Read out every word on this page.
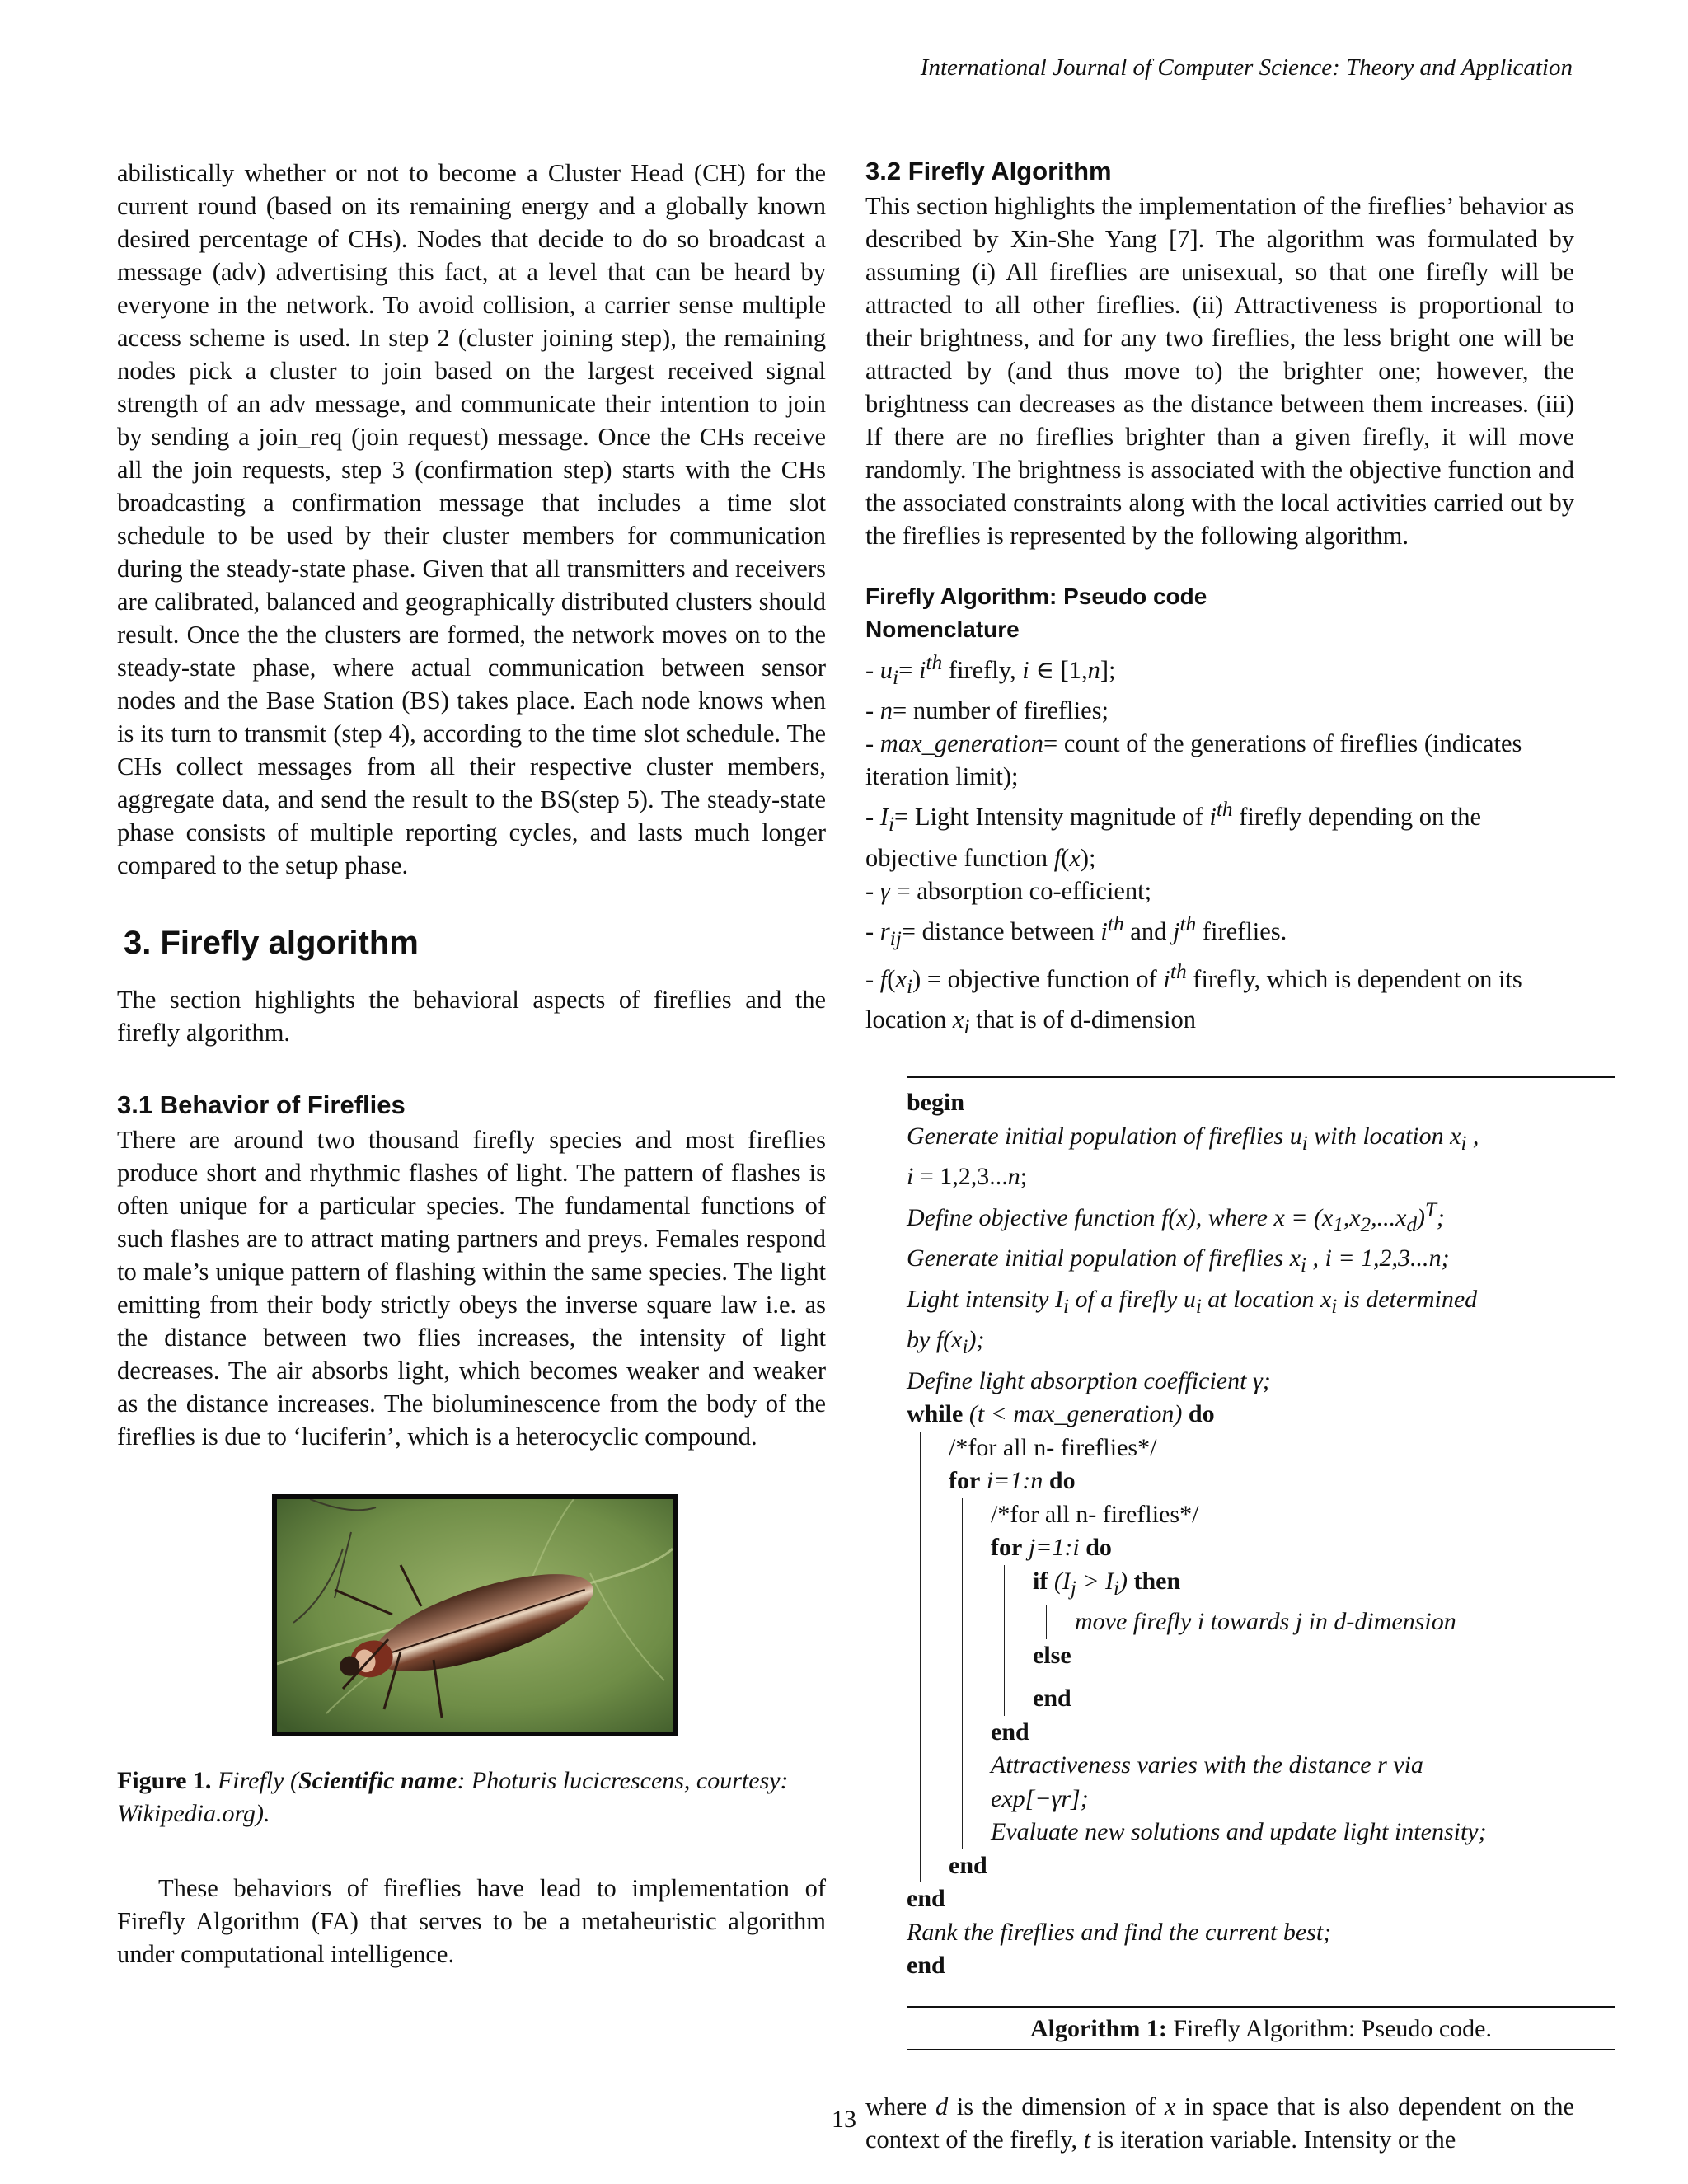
International Journal of Computer Science: Theory and Application

abilistically whether or not to become a Cluster Head (CH) for the current round (based on its remaining energy and a globally known desired percentage of CHs). Nodes that decide to do so broadcast a message (adv) advertising this fact, at a level that can be heard by everyone in the network. To avoid collision, a carrier sense multiple access scheme is used. In step 2 (cluster joining step), the remaining nodes pick a cluster to join based on the largest received signal strength of an adv message, and communicate their intention to join by sending a join_req (join request) message. Once the CHs receive all the join requests, step 3 (confirmation step) starts with the CHs broadcasting a confirmation message that includes a time slot schedule to be used by their cluster members for communication during the steady-state phase. Given that all transmitters and receivers are calibrated, balanced and geographically distributed clusters should result. Once the the clusters are formed, the network moves on to the steady-state phase, where actual communication between sensor nodes and the Base Station (BS) takes place. Each node knows when is its turn to transmit (step 4), according to the time slot schedule. The CHs collect messages from all their respective cluster members, aggregate data, and send the result to the BS(step 5). The steady-state phase consists of multiple reporting cycles, and lasts much longer compared to the setup phase.

3. Firefly algorithm

The section highlights the behavioral aspects of fireflies and the firefly algorithm.

3.1 Behavior of Fireflies

There are around two thousand firefly species and most fireflies produce short and rhythmic flashes of light. The pattern of flashes is often unique for a particular species. The fundamental functions of such flashes are to attract mating partners and preys. Females respond to male’s unique pattern of flashing within the same species. The light emitting from their body strictly obeys the inverse square law i.e. as the distance between two flies increases, the intensity of light decreases. The air absorbs light, which becomes weaker and weaker as the distance increases. The bioluminescence from the body of the fireflies is due to ‘luciferin’, which is a heterocyclic compound.

Figure 1. Firefly (Scientific name: Photuris lucicrescens, courtesy: Wikipedia.org).

These behaviors of fireflies have lead to implementation of Firefly Algorithm (FA) that serves to be a metaheuristic algorithm under computational intelligence.

3.2 Firefly Algorithm

This section highlights the implementation of the fireflies’ behavior as described by Xin-She Yang [7]. The algorithm was formulated by assuming (i) All fireflies are unisexual, so that one firefly will be attracted to all other fireflies. (ii) Attractiveness is proportional to their brightness, and for any two fireflies, the less bright one will be attracted by (and thus move to) the brighter one; however, the brightness can decreases as the distance between them increases. (iii) If there are no fireflies brighter than a given firefly, it will move randomly. The brightness is associated with the objective function and the associated constraints along with the local activities carried out by the fireflies is represented by the following algorithm.

Firefly Algorithm: Pseudo code
Nomenclature
- $u_i= i^{th}$ firefly, i ∈ [1,n];
- n= number of fireflies;
- max_generation= count of the generations of fireflies (indicates iteration limit);
- $I_i=$ Light Intensity magnitude of $i^{th}$ firefly depending on the objective function f(x);
- γ = absorption co-efficient;
- $r_{ij}=$ distance between $i^{th}$ and $j^{th}$ fireflies.
- $f(x_i)$ = objective function of $i^{th}$ firefly, which is dependent on its location $x_i$ that is of d-dimension
begin
Generate initial population of fireflies $u_i$ with location $x_i$ ,
i = 1,2,3...n;
Define objective function f(x), where $x = (x_1,x_2,...x_d)^T$;
Generate initial population of fireflies $x_i$ , i = 1,2,3...n;
Light intensity $I_i$ of a firefly $u_i$ at location $x_i$ is determined
by $f(x_i)$;
Define light absorption coefficient γ;
while (t < max_generation) do
/*for all n- fireflies*/
for i=1:n do
/*for all n- fireflies*/
for j=1:i do
if $(I_j > I_i)$ then
move firefly i towards j in d-dimension
else
end
end
Attractiveness varies with the distance r via
exp[−γr];
Evaluate new solutions and update light intensity;
end
end
Rank the fireflies and find the current best;
end
Algorithm 1: Firefly Algorithm: Pseudo code.

where d is the dimension of x in space that is also dependent on the context of the firefly, t is iteration variable. Intensity or the

13
